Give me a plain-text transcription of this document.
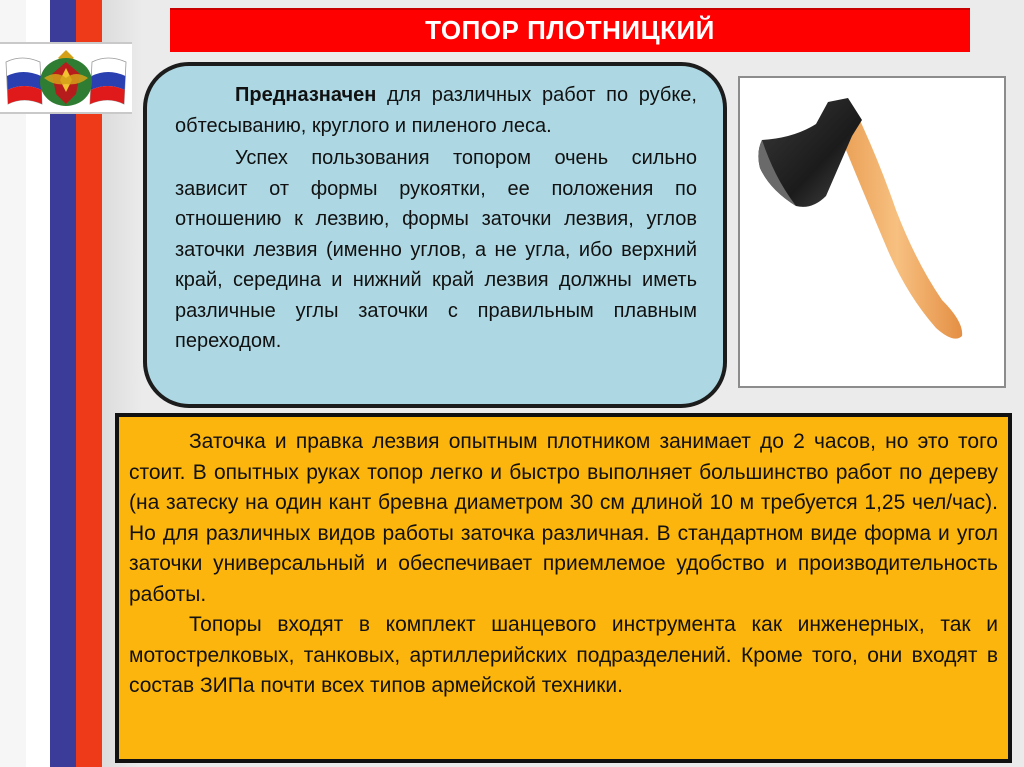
ТОПОР ПЛОТНИЦКИЙ

Предназначен для различных работ по рубке, обтесыванию, круглого и пиленого леса.

Успех пользования топором очень сильно зависит от формы рукоятки, ее положения по отношению к лезвию, формы заточки лезвия, углов заточки лезвия (именно углов, а не угла, ибо верхний край, середина и нижний край лезвия должны иметь различные углы заточки с правильным плавным переходом.

Заточка и правка лезвия опытным плотником занимает до 2 часов, но это того стоит. В опытных руках топор легко и быстро выполняет большинство работ по дереву (на затеску на один кант бревна диаметром 30 см длиной 10 м требуется 1,25 чел/час). Но для различных видов работы заточка различная. В стандартном виде форма и угол заточки универсальный и обеспечивает приемлемое удобство и производительность работы.

Топоры входят в комплект шанцевого инструмента как инженерных, так и мотострелковых, танковых, артиллерийских подразделений. Кроме того, они входят в состав ЗИПа почти всех типов армейской техники.
